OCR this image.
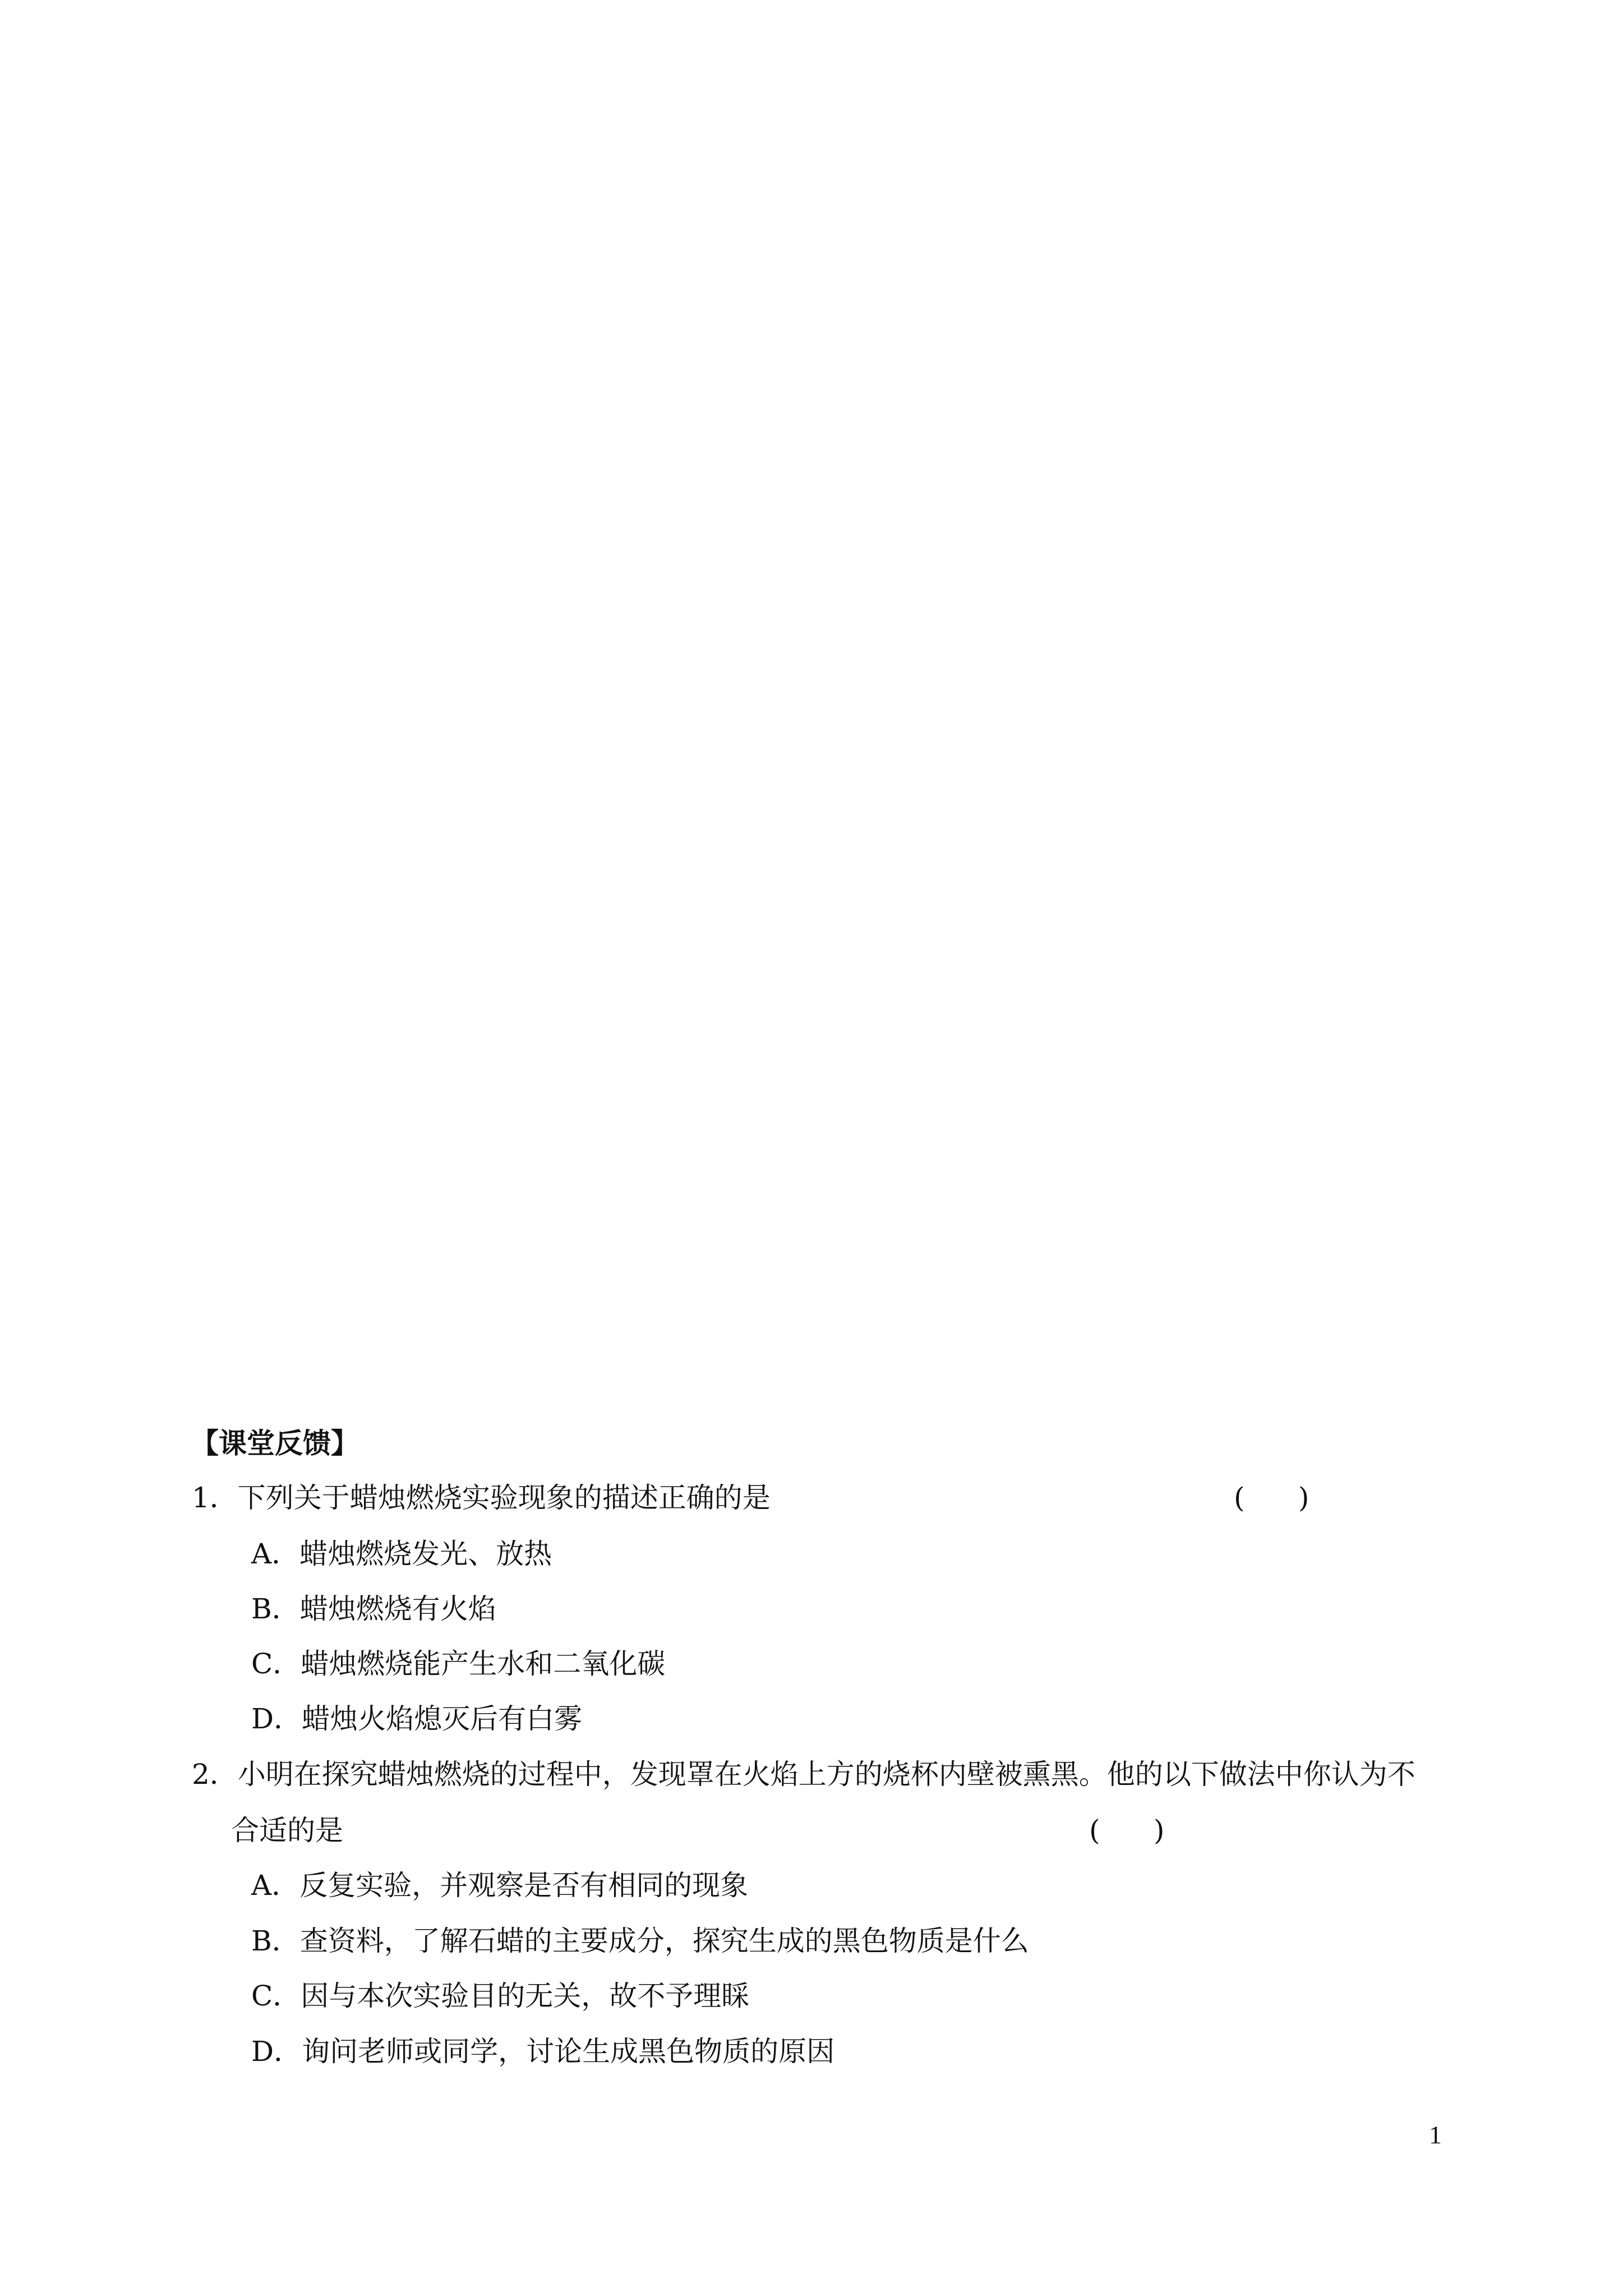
【课堂反馈】
1．下列关于蜡烛燃烧实验现象的描述正确的是	(      )
A．蜡烛燃烧发光、放热
B．蜡烛燃烧有火焰
C．蜡烛燃烧能产生水和二氧化碳
D．蜡烛火焰熄灭后有白雾
2．小明在探究蜡烛燃烧的过程中，发现罩在火焰上方的烧杯内壁被熏黑。他的以下做法中你认为不
合适的是	(      )
A．反复实验，并观察是否有相同的现象
B．查资料，了解石蜡的主要成分，探究生成的黑色物质是什么
C．因与本次实验目的无关，故不予理睬
D．询问老师或同学，讨论生成黑色物质的原因
1
